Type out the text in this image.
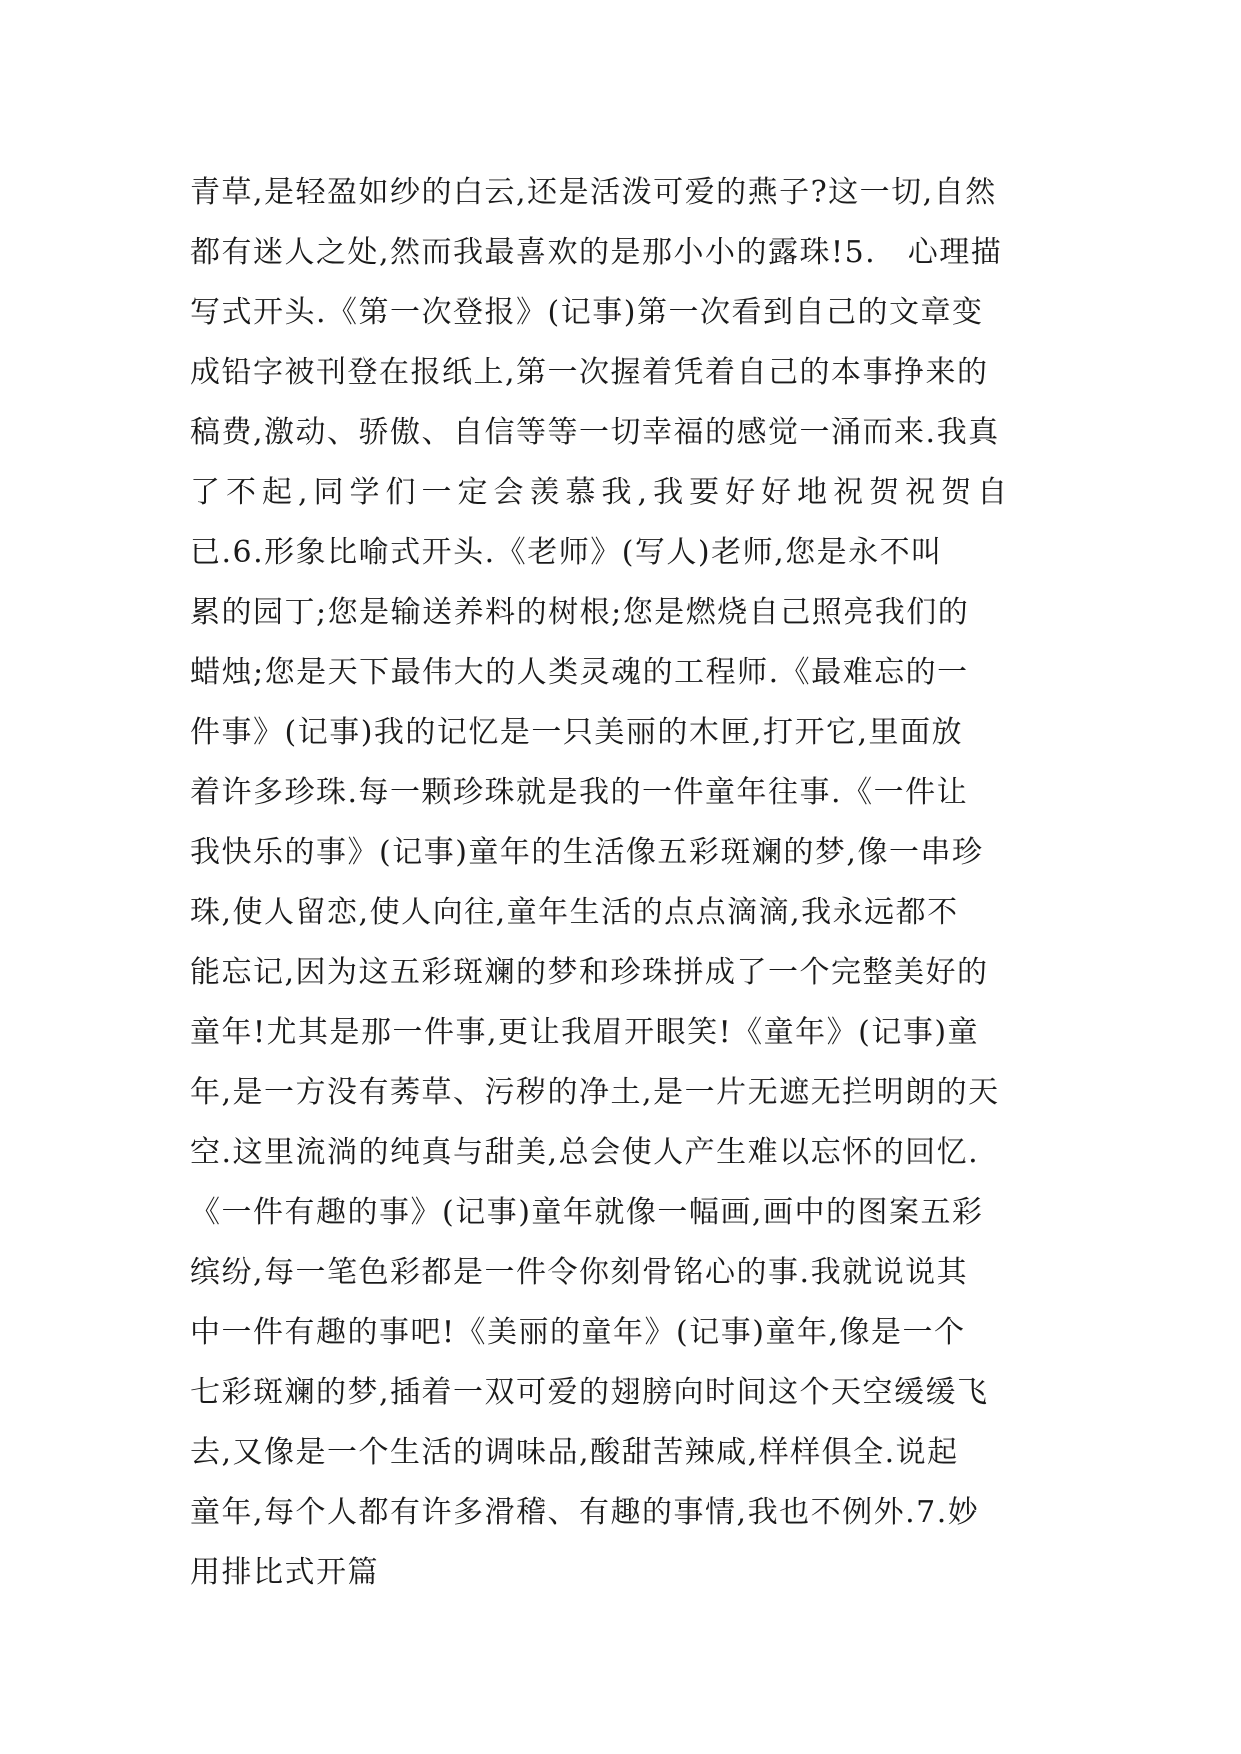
青草,是轻盈如纱的白云,还是活泼可爱的燕子?这一切,自然
都有迷人之处,然而我最喜欢的是那小小的露珠!5.　心理描
写式开头.《第一次登报》(记事)第一次看到自己的文章变
成铅字被刊登在报纸上,第一次握着凭着自己的本事挣来的
稿费,激动、骄傲、自信等等一切幸福的感觉一涌而来.我真
了不起,同学们一定会羡慕我,我要好好地祝贺祝贺自
已.6.形象比喻式开头.《老师》(写人)老师,您是永不叫
累的园丁;您是输送养料的树根;您是燃烧自己照亮我们的
蜡烛;您是天下最伟大的人类灵魂的工程师.《最难忘的一
件事》(记事)我的记忆是一只美丽的木匣,打开它,里面放
着许多珍珠.每一颗珍珠就是我的一件童年往事.《一件让
我快乐的事》(记事)童年的生活像五彩斑斓的梦,像一串珍
珠,使人留恋,使人向往,童年生活的点点滴滴,我永远都不
能忘记,因为这五彩斑斓的梦和珍珠拼成了一个完整美好的
童年!尤其是那一件事,更让我眉开眼笑!《童年》(记事)童
年,是一方没有莠草、污秽的净土,是一片无遮无拦明朗的天
空.这里流淌的纯真与甜美,总会使人产生难以忘怀的回忆.
《一件有趣的事》(记事)童年就像一幅画,画中的图案五彩
缤纷,每一笔色彩都是一件令你刻骨铭心的事.我就说说其
中一件有趣的事吧!《美丽的童年》(记事)童年,像是一个
七彩斑斓的梦,插着一双可爱的翅膀向时间这个天空缓缓飞
去,又像是一个生活的调味品,酸甜苦辣咸,样样俱全.说起
童年,每个人都有许多滑稽、有趣的事情,我也不例外.7.妙
用排比式开篇
